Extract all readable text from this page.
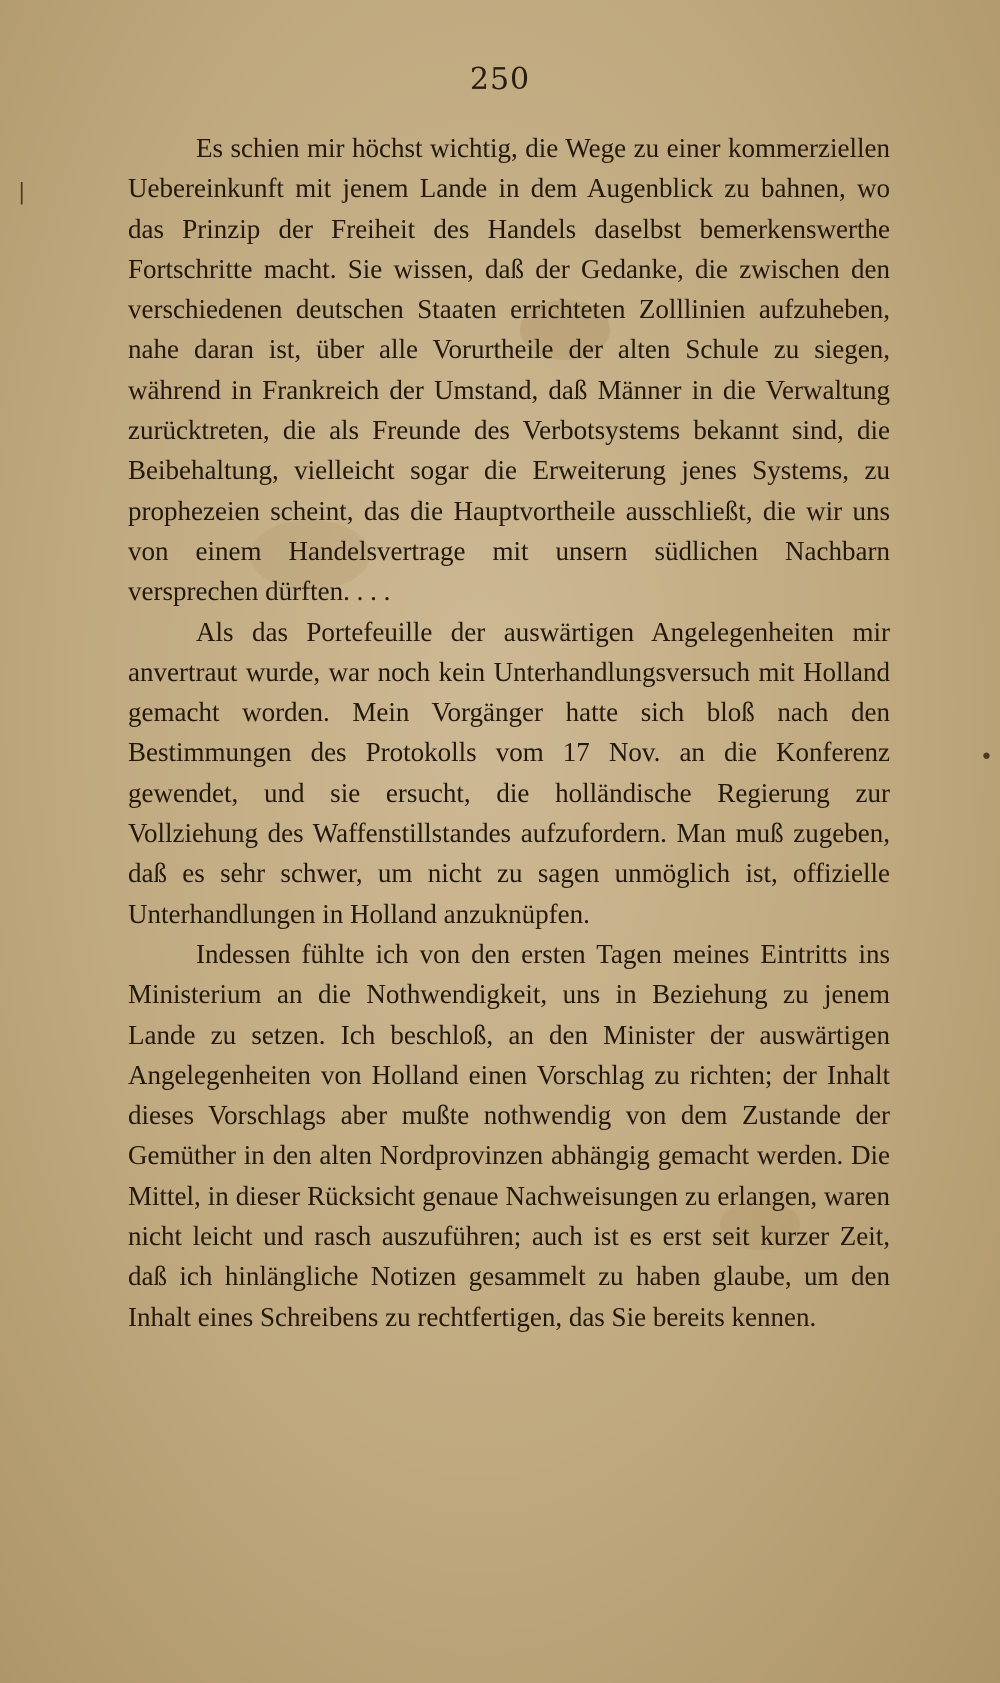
250

Es schien mir höchst wichtig, die Wege zu einer kommerziellen Uebereinkunft mit jenem Lande in dem Augenblick zu bahnen, wo das Prinzip der Freiheit des Handels daselbst bemerkenswerthe Fortschritte macht. Sie wissen, daß der Gedanke, die zwischen den verschiedenen deutschen Staaten errichteten Zolllinien aufzuheben, nahe daran ist, über alle Vorurtheile der alten Schule zu siegen, während in Frankreich der Umstand, daß Männer in die Verwaltung zurücktreten, die als Freunde des Verbotsystems bekannt sind, die Beibehaltung, vielleicht sogar die Erweiterung jenes Systems, zu prophezeien scheint, das die Hauptvortheile ausschließt, die wir uns von einem Handelsvertrage mit unsern südlichen Nachbarn versprechen dürften. . . .

Als das Portefeuille der auswärtigen Angelegenheiten mir anvertraut wurde, war noch kein Unterhandlungsversuch mit Holland gemacht worden. Mein Vorgänger hatte sich bloß nach den Bestimmungen des Protokolls vom 17 Nov. an die Konferenz gewendet, und sie ersucht, die holländische Regierung zur Vollziehung des Waffenstillstandes aufzufordern. Man muß zugeben, daß es sehr schwer, um nicht zu sagen unmöglich ist, offizielle Unterhandlungen in Holland anzuknüpfen.

Indessen fühlte ich von den ersten Tagen meines Eintritts ins Ministerium an die Nothwendigkeit, uns in Beziehung zu jenem Lande zu setzen. Ich beschloß, an den Minister der auswärtigen Angelegenheiten von Holland einen Vorschlag zu richten; der Inhalt dieses Vorschlags aber mußte nothwendig von dem Zustande der Gemüther in den alten Nordprovinzen abhängig gemacht werden. Die Mittel, in dieser Rücksicht genaue Nachweisungen zu erlangen, waren nicht leicht und rasch auszuführen; auch ist es erst seit kurzer Zeit, daß ich hinlängliche Notizen gesammelt zu haben glaube, um den Inhalt eines Schreibens zu rechtfertigen, das Sie bereits kennen.

|
•
